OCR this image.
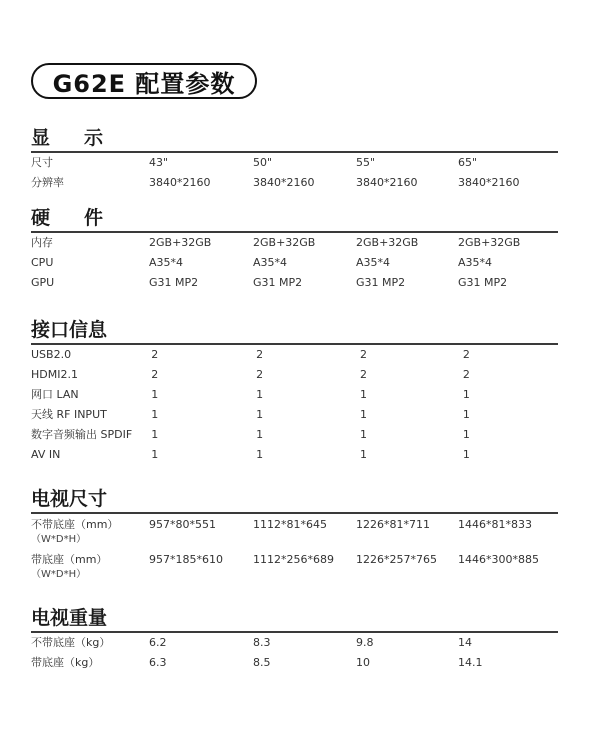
G62E 配置参数
显示
尺寸	43"	50"	55"	65"
分辨率	3840*2160	3840*2160	3840*2160	3840*2160
硬件
内存	2GB+32GB	2GB+32GB	2GB+32GB	2GB+32GB
CPU	A35*4	A35*4	A35*4	A35*4
GPU	G31 MP2	G31 MP2	G31 MP2	G31 MP2
接口信息
USB2.0	2	2	2	2
HDMI2.1	2	2	2	2
网口 LAN	1	1	1	1
天线 RF INPUT	1	1	1	1
数字音频输出 SPDIF	1	1	1	1
AV IN	1	1	1	1
电视尺寸
不带底座（mm）
（W*D*H）	957*80*551	1112*81*645	1226*81*711	1446*81*833
带底座（mm）
（W*D*H）	957*185*610	1112*256*689	1226*257*765	1446*300*885
电视重量
不带底座（kg）	6.2	8.3	9.8	14
带底座（kg）	6.3	8.5	10	14.1
